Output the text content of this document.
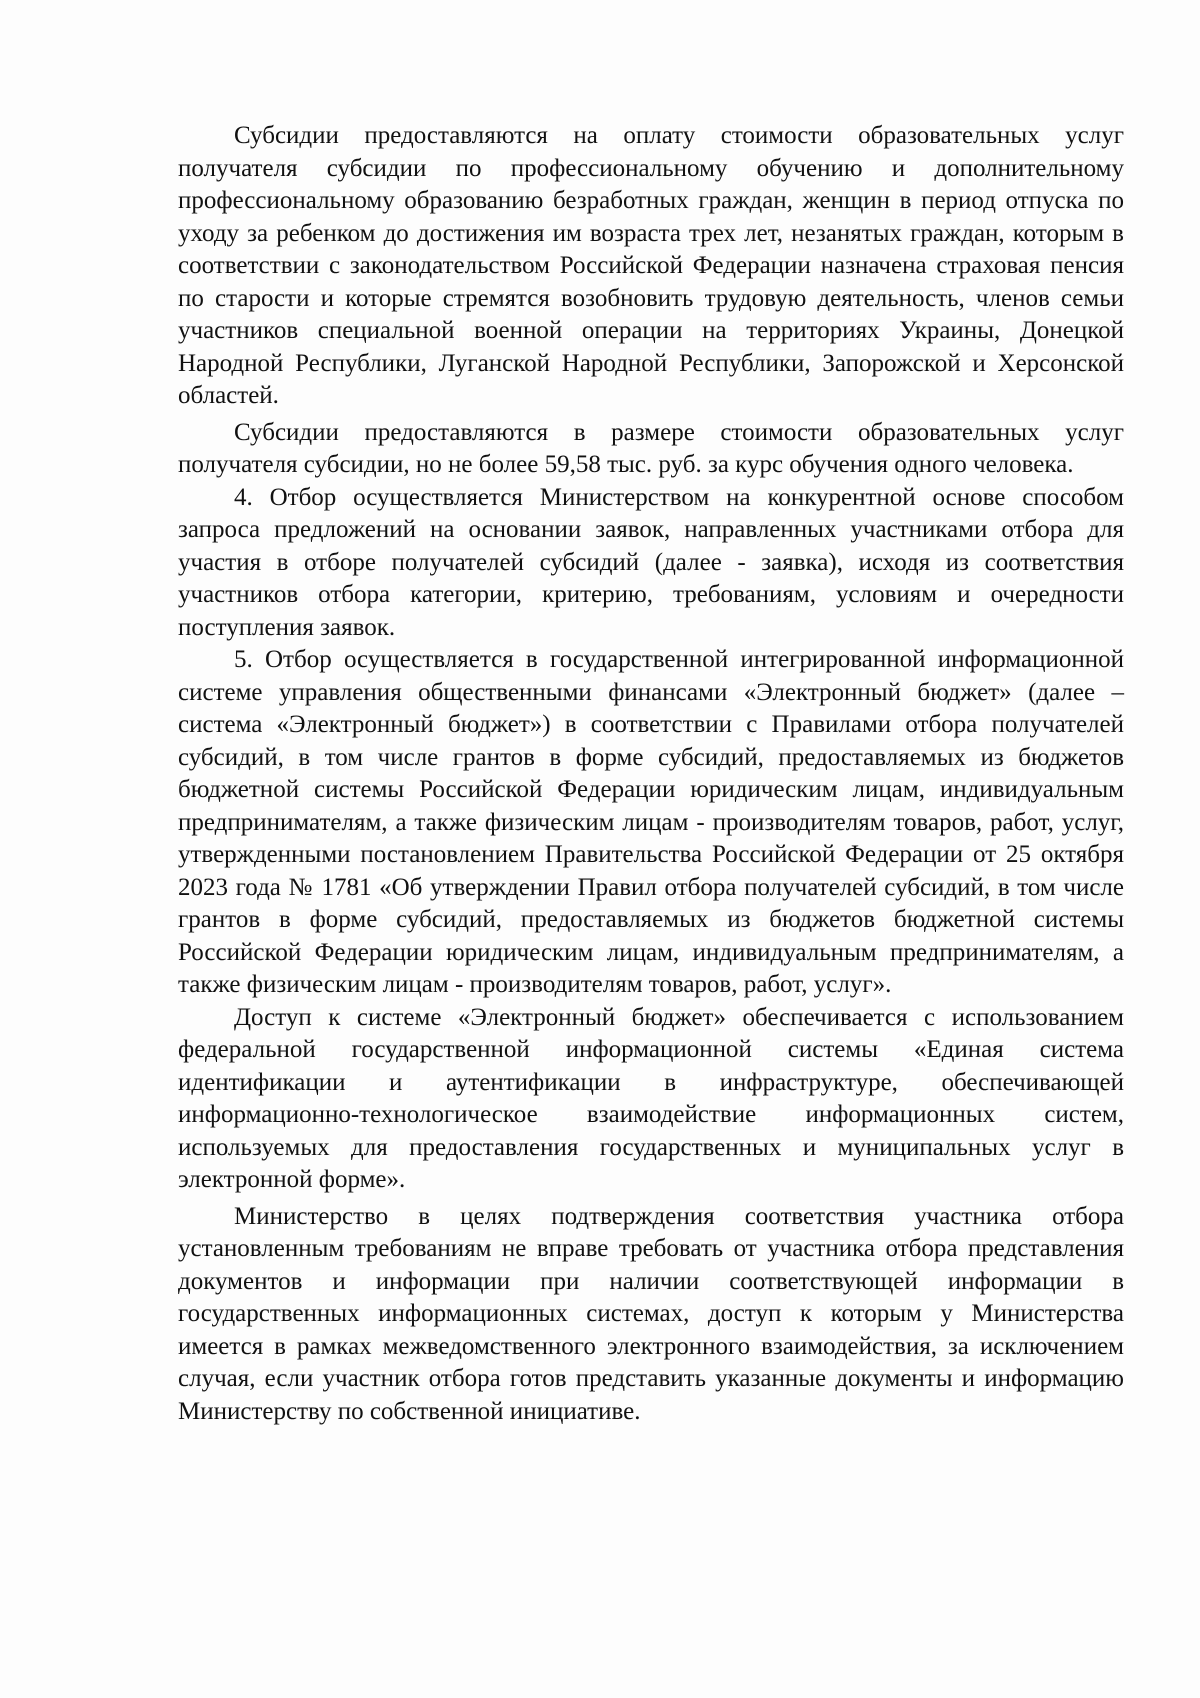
Субсидии предоставляются на оплату стоимости образовательных услуг получателя субсидии по профессиональному обучению и дополнительному профессиональному образованию безработных граждан, женщин в период отпуска по уходу за ребенком до достижения им возраста трех лет, незанятых граждан, которым в соответствии с законодательством Российской Федерации назначена страховая пенсия по старости и которые стремятся возобновить трудовую деятельность, членов семьи участников специальной военной операции на территориях Украины, Донецкой Народной Республики, Луганской Народной Республики, Запорожской и Херсонской областей.

Субсидии предоставляются в размере стоимости образовательных услуг получателя субсидии, но не более 59,58 тыс. руб. за курс обучения одного человека.

4. Отбор осуществляется Министерством на конкурентной основе способом запроса предложений на основании заявок, направленных участниками отбора для участия в отборе получателей субсидий (далее - заявка), исходя из соответствия участников отбора категории, критерию, требованиям, условиям и очередности поступления заявок.

5. Отбор осуществляется в государственной интегрированной информационной системе управления общественными финансами «Электронный бюджет» (далее – система «Электронный бюджет») в соответствии с Правилами отбора получателей субсидий, в том числе грантов в форме субсидий, предоставляемых из бюджетов бюджетной системы Российской Федерации юридическим лицам, индивидуальным предпринимателям, а также физическим лицам - производителям товаров, работ, услуг, утвержденными постановлением Правительства Российской Федерации от 25 октября 2023 года № 1781 «Об утверждении Правил отбора получателей субсидий, в том числе грантов в форме субсидий, предоставляемых из бюджетов бюджетной системы Российской Федерации юридическим лицам, индивидуальным предпринимателям, а также физическим лицам - производителям товаров, работ, услуг».

Доступ к системе «Электронный бюджет» обеспечивается с использованием федеральной государственной информационной системы «Единая система идентификации и аутентификации в инфраструктуре, обеспечивающей информационно-технологическое взаимодействие информационных систем, используемых для предоставления государственных и муниципальных услуг в электронной форме».

Министерство в целях подтверждения соответствия участника отбора установленным требованиям не вправе требовать от участника отбора представления документов и информации при наличии соответствующей информации в государственных информационных системах, доступ к которым у Министерства имеется в рамках межведомственного электронного взаимодействия, за исключением случая, если участник отбора готов представить указанные документы и информацию Министерству по собственной инициативе.
